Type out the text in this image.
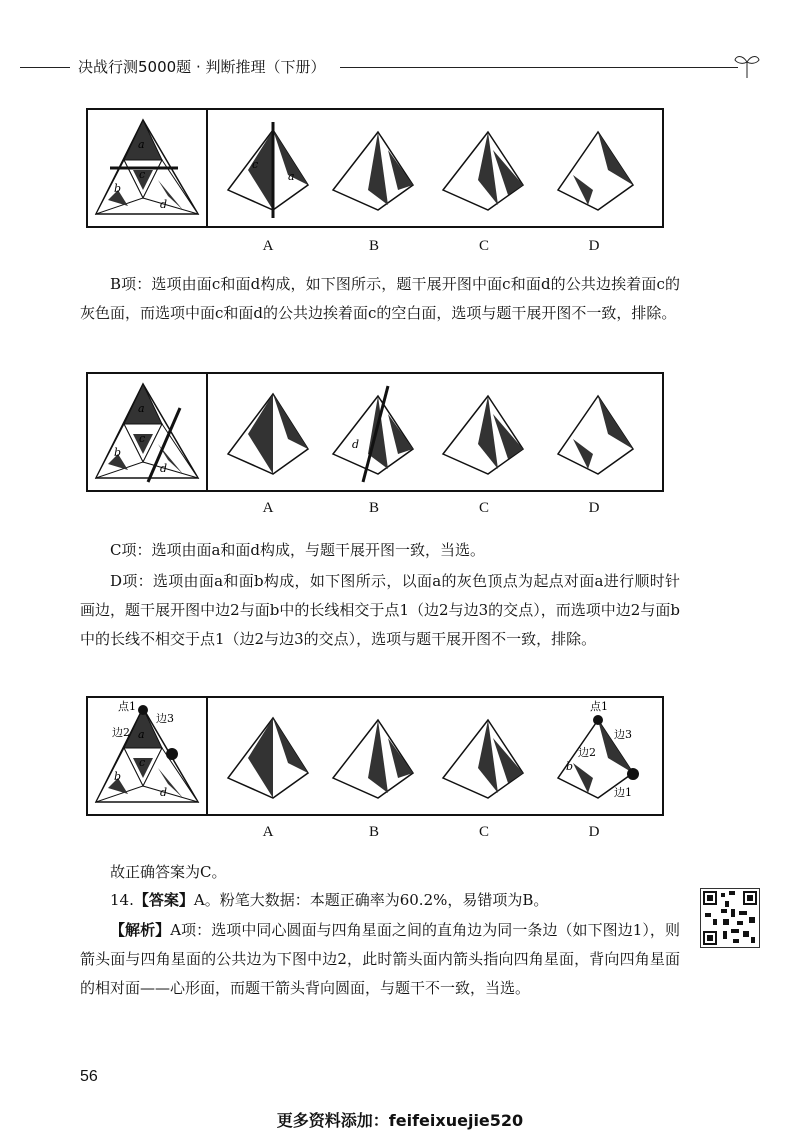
决战行测5000题 · 判断推理（下册）
a
b
c
d
c
a
A	B	C	D
B项：选项由面c和面d构成，如下图所示，题干展开图中面c和面d的公共边挨着面c的灰色面，而选项中面c和面d的公共边挨着面c的空白面，选项与题干展开图不一致，排除。
a
b
c
d
d
A	B	C	D
C项：选项由面a和面d构成，与题干展开图一致，当选。
D项：选项由面a和面b构成，如下图所示，以面a的灰色顶点为起点对面a进行顺时针画边，题干展开图中边2与面b中的长线相交于点1（边2与边3的交点），而选项中边2与面b中的长线不相交于点1（边2与边3的交点），选项与题干展开图不一致，排除。
点1
边3
边2 a
b
c
d
点1
边3
边2
b
边1
A	B	C	D
故正确答案为C。
14.【答案】A。粉笔大数据：本题正确率为60.2%，易错项为B。
【解析】A项：选项中同心圆面与四角星面之间的直角边为同一条边（如下图边1），则箭头面与四角星面的公共边为下图中边2，此时箭头面内箭头指向四角星面，背向四角星面的相对面——心形面，而题干箭头背向圆面，与题干不一致，当选。
56
更多资料添加：feifeixuejie520
